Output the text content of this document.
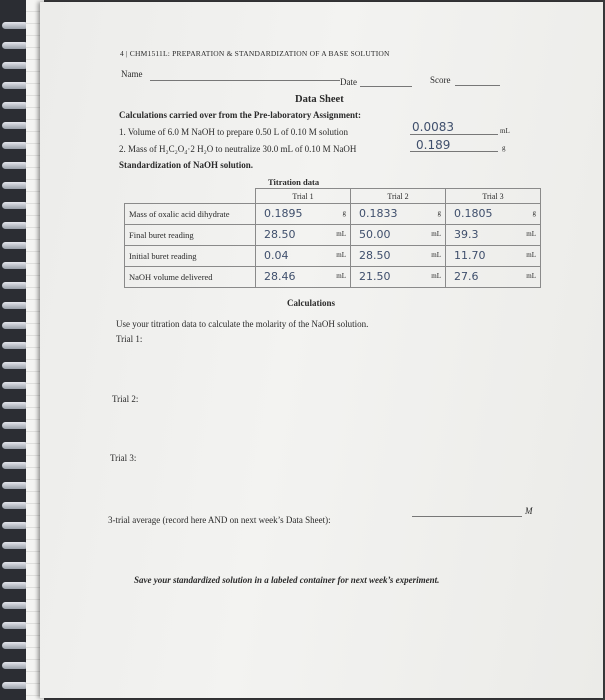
4 | CHM1511L: PREPARATION & STANDARDIZATION OF A BASE SOLUTION
Name
Date	Score
Data Sheet
Calculations carried over from the Pre-laboratory Assignment:
1. Volume of 6.0 M NaOH to prepare 0.50 L of 0.10 M solution	0.0083	mL
2. Mass of H₂C₂O₄·2 H₂O to neutralize 30.0 mL of 0.10 M NaOH	0.189	g
Standardization of NaOH solution.
Titration data
	Trial 1	Trial 2	Trial 3
Mass of oxalic acid dihydrate	0.1895 g	0.1833 g	0.1805 g

Final buret reading	28.50 mL	50.00 mL	39.3 mL

Initial buret reading	0.04 mL	28.50 mL	11.70 mL

NaOH volume delivered	28.46 mL	21.50 mL	27.6 mL
Calculations
Use your titration data to calculate the molarity of the NaOH solution.
Trial 1:
Trial 2:
Trial 3:
3-trial average (record here AND on next week’s Data Sheet):
M
Save your standardized solution in a labeled container for next week’s experiment.
